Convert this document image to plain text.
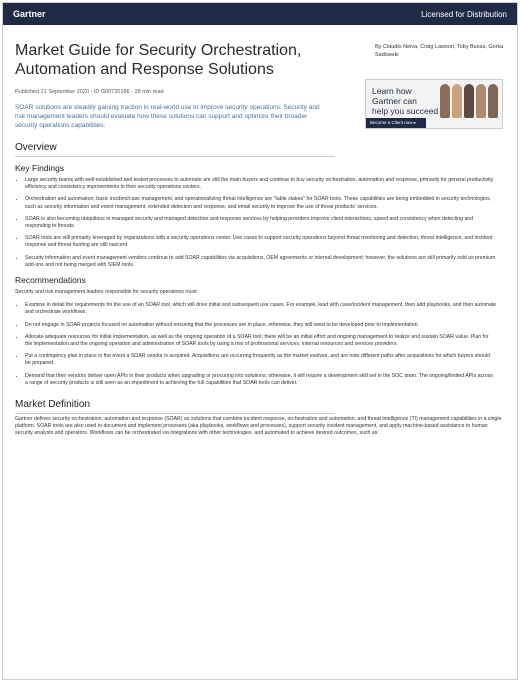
Gartner	Licensed for Distribution
Market Guide for Security Orchestration, Automation and Response Solutions
By Claudio Neiva, Craig Lawson, Toby Bussa, Gorka Sadowski
Published 21 September 2020 - ID G00720186 - 28 min read
SOAR solutions are steadily gaining traction in real-world use to improve security operations. Security and risk management leaders should evaluate how these solutions can support and optimize their broader security operations capabilities.
Learn how
Gartner can
help you succeed
Become a Client now ▸
Overview
Key Findings
• Large security teams with well-established and tested processes to automate are still the main buyers and continue to buy security orchestration, automation and response, primarily for general productivity efficiency and consistency improvements in their security operations centers.
• Orchestration and automation, basic incident/case management, and operationalizing threat intelligence are "table stakes" for SOAR tools. These capabilities are being embedded in security technologies, such as security information and event management, extended detection and response, and email security to improve the use of those products' services.
• SOAR is also becoming ubiquitous in managed security and managed detection and response services by helping providers improve client interactions, speed and consistency when detecting and responding to threats.
• SOAR tools are still primarily leveraged by organizations with a security operations center. Use cases to support security operations beyond threat monitoring and detection, threat intelligence, and incident response and threat hunting are still nascent.
• Security information and event management vendors continue to add SOAR capabilities via acquisitions, OEM agreements or internal development; however, the solutions are still primarily sold as premium add-ons and not being merged with SIEM tools.
Recommendations

Security and risk management leaders responsible for security operations must:

• Examine in detail the requirements for the use of an SOAR tool, which will drive initial and subsequent use cases. For example, lead with case/incident management, then add playbooks, and then automate and orchestrate workflows.
• Do not engage in SOAR projects focused on automation without ensuring that the processes are in place, otherwise, they will need to be developed prior to implementation.
• Allocate adequate resources for initial implementation, as well as the ongoing operation of a SOAR tool; there will be an initial effort and ongoing management to realize and sustain SOAR value. Plan for the implementation and the ongoing operation and administration of SOAR tools by using a mix of professional services, internal resources and services providers.
• Put a contingency plan in place in the event a SOAR vendor is acquired. Acquisitions are occurring frequently as the market evolves, and are note different paths after acquisitions for which buyers should be prepared.
• Demand that their vendors deliver open APIs in their products when upgrading or procuring into solutions; otherwise, it will require a development skill set in the SOC team. The ongoing/limited APIs across a range of security products is still seen as an impediment to achieving the full capabilities that SOAR tools can deliver.
Market Definition

Gartner defines security orchestration, automation and response (SOAR) as solutions that combine incident response, orchestration and automation, and threat intelligence (TI) management capabilities in a single platform. SOAR tools are also used to document and implement processes (aka playbooks, workflows and processes), support security incident management, and apply machine-based assistance to human security analysts and operators. Workflows can be orchestrated via integrations with other technologies, and automated to achieve desired outcomes, such as:
